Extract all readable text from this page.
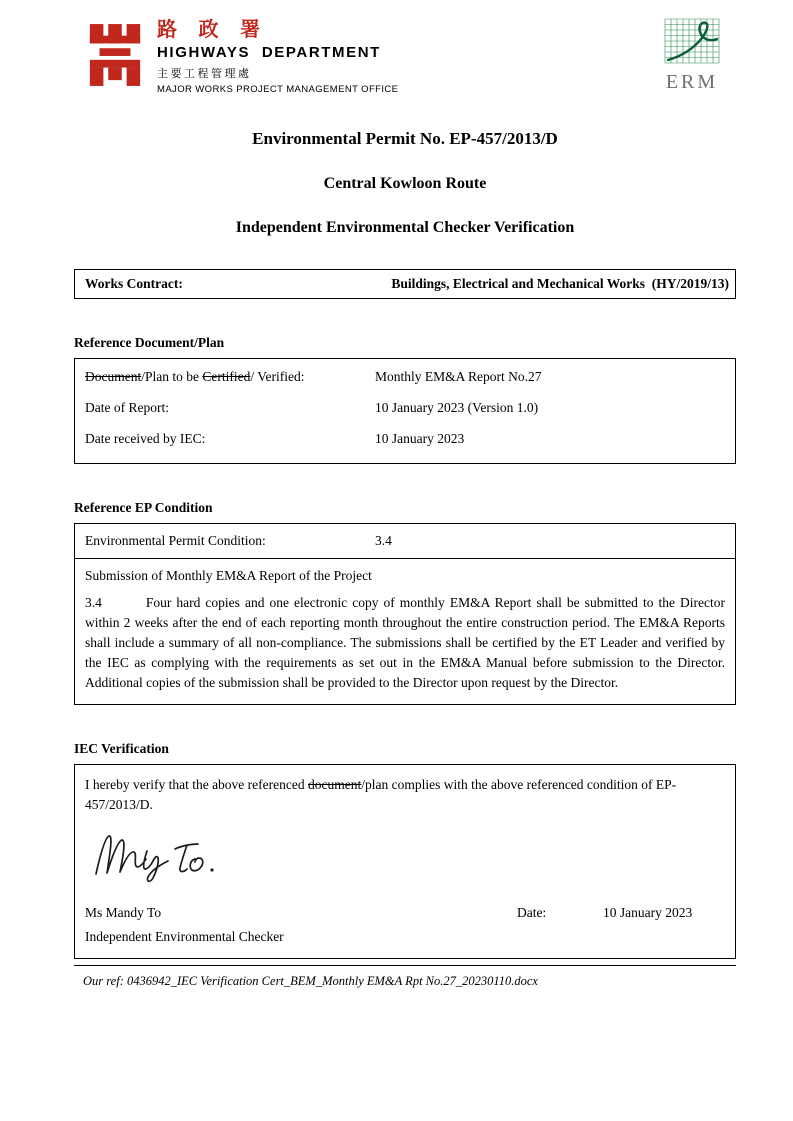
路 政 署
HIGHWAYS DEPARTMENT
主要工程管理處
MAJOR WORKS PROJECT MANAGEMENT OFFICE	ERM
Environmental Permit No. EP-457/2013/D
Central Kowloon Route
Independent Environmental Checker Verification
Works Contract:	Buildings, Electrical and Mechanical Works  (HY/2019/13)
Reference Document/Plan
Document/Plan to be Certified/ Verified:	Monthly EM&A Report No.27
Date of Report:	10 January 2023 (Version 1.0)
Date received by IEC:	10 January 2023
Reference EP Condition
Environmental Permit Condition:	3.4
Submission of Monthly EM&A Report of the Project
3.4	Four hard copies and one electronic copy of monthly EM&A Report shall be submitted to the Director within 2 weeks after the end of each reporting month throughout the entire construction period. The EM&A Reports shall include a summary of all non-compliance. The submissions shall be certified by the ET Leader and verified by the IEC as complying with the requirements as set out in the EM&A Manual before submission to the Director. Additional copies of the submission shall be provided to the Director upon request by the Director.
IEC Verification
I hereby verify that the above referenced document/plan complies with the above referenced condition of EP-457/2013/D.
Ms Mandy To	Date:	10 January 2023
Independent Environmental Checker
Our ref: 0436942_IEC Verification Cert_BEM_Monthly EM&A Rpt No.27_20230110.docx
